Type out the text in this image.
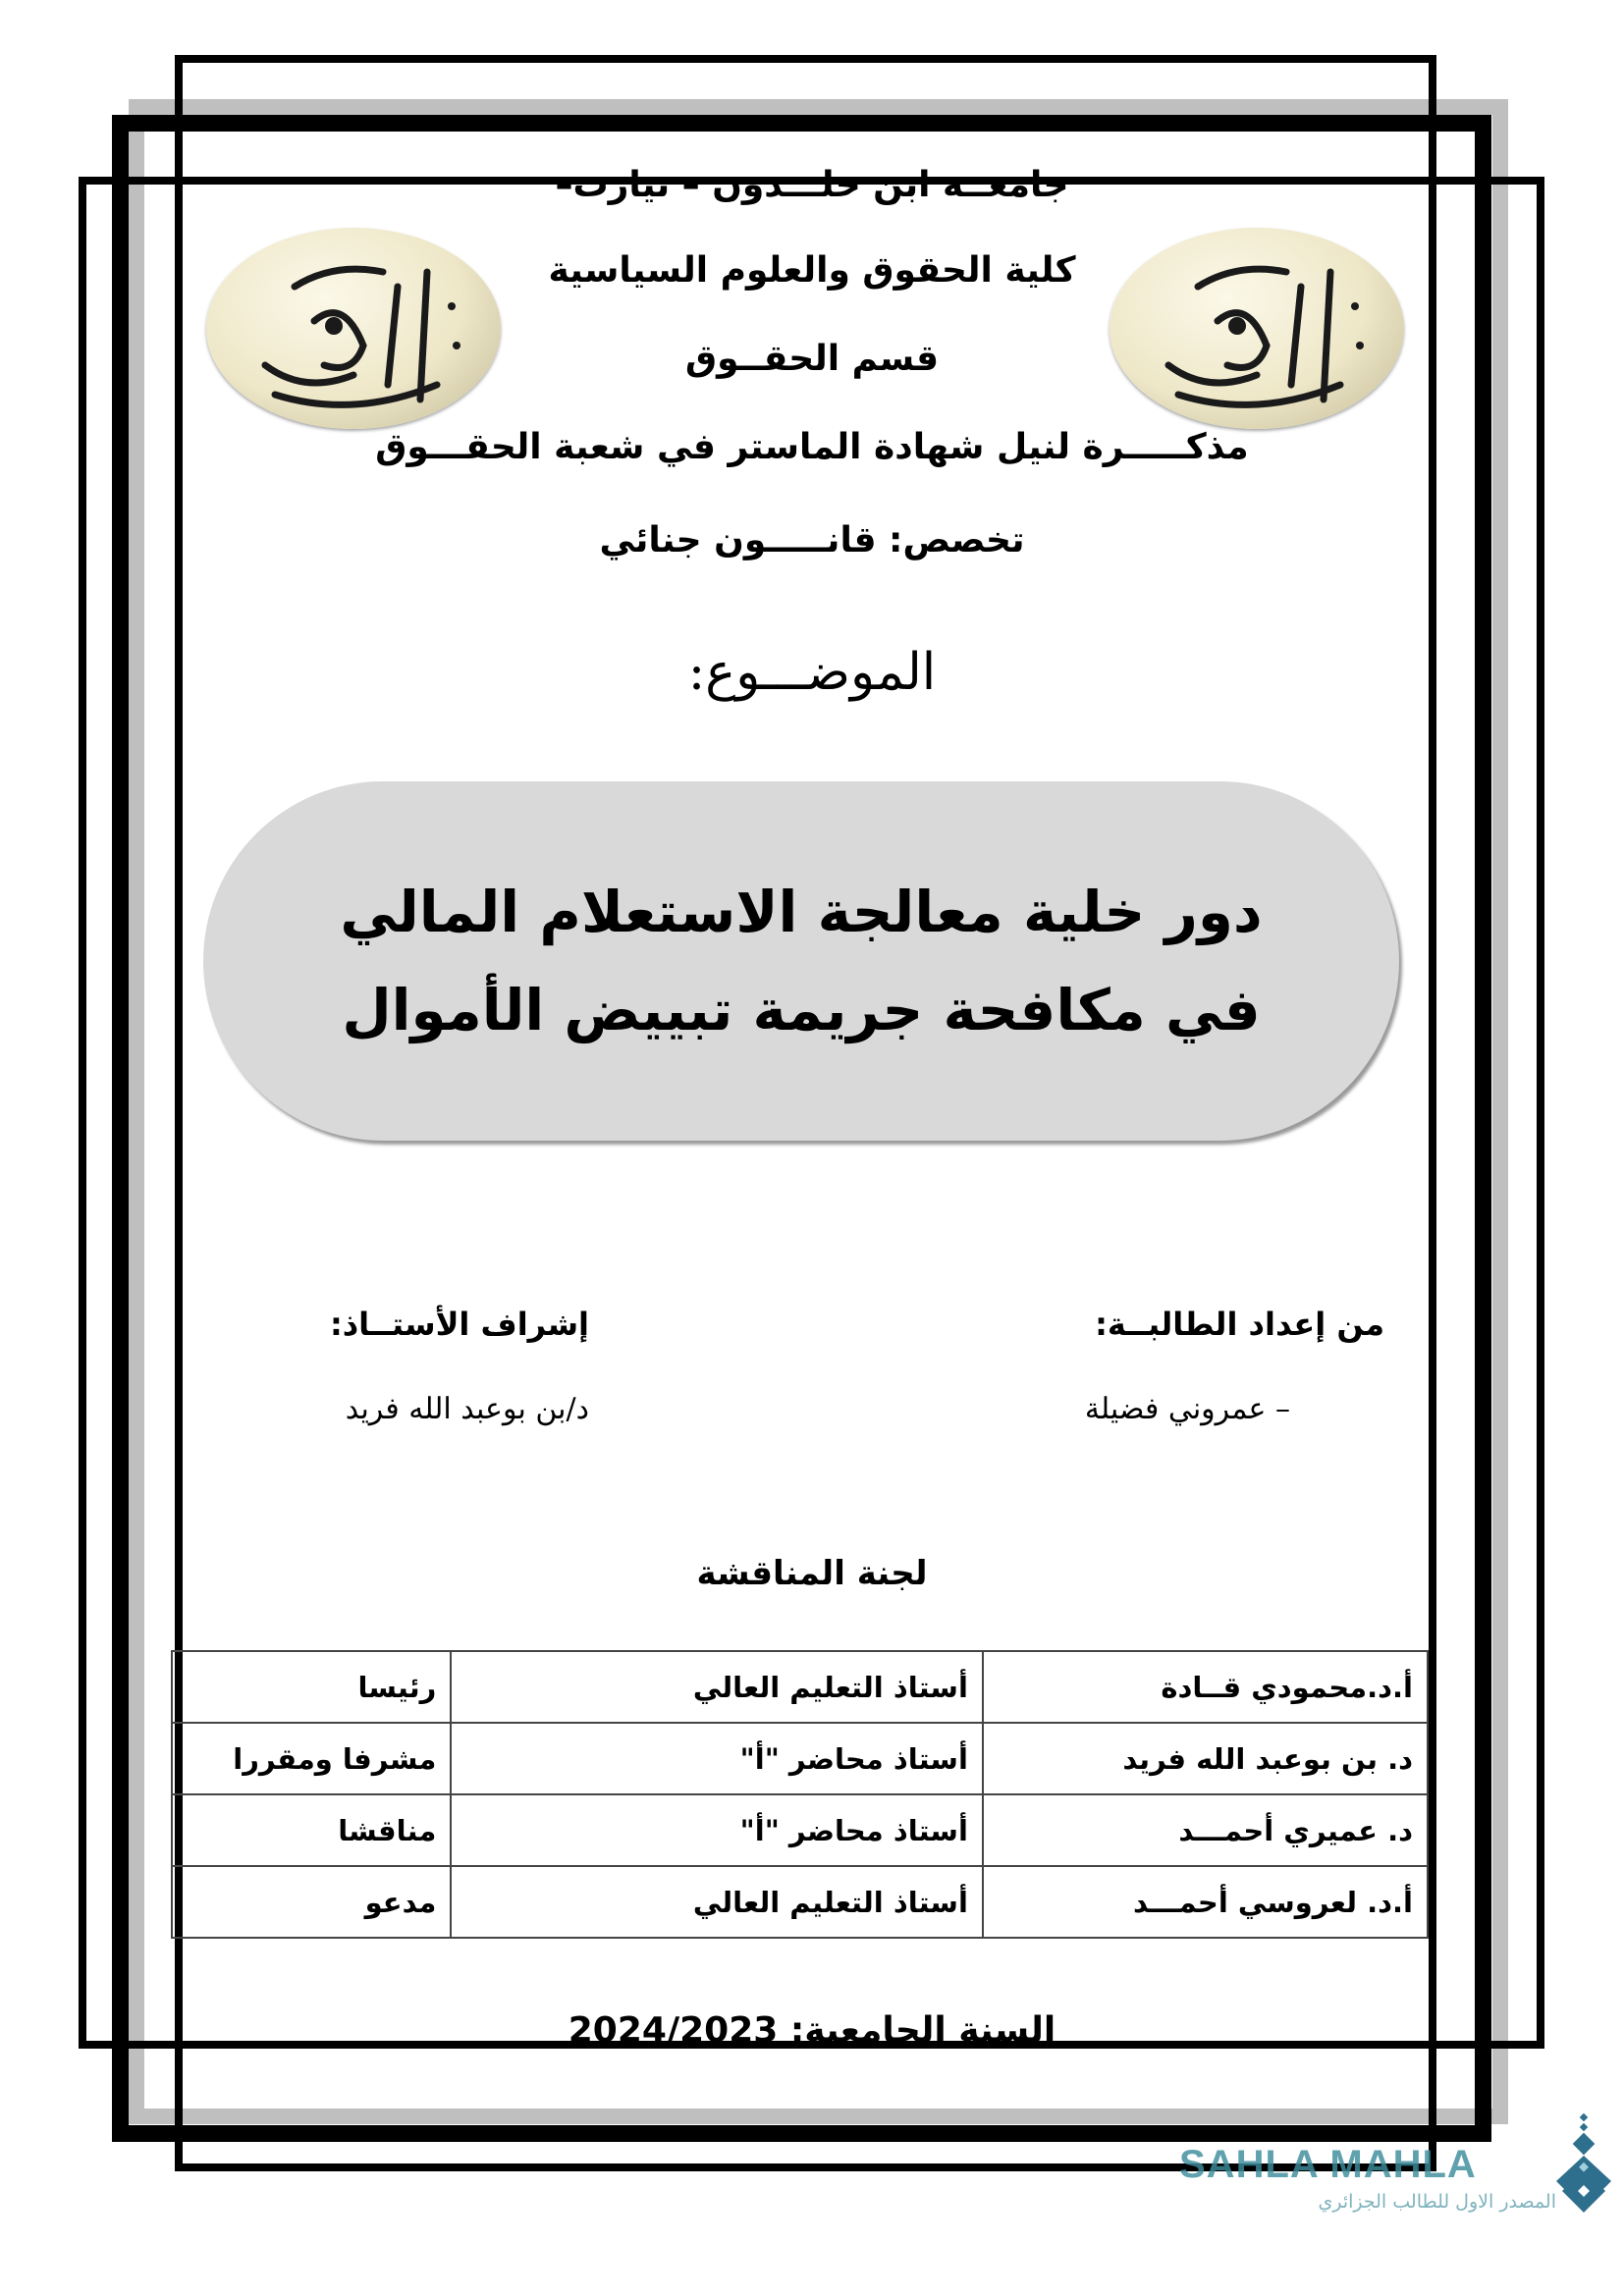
جامعــة ابن خلـــدون – تيارت–
كلية الحقوق والعلوم السياسية
قسم الحقــوق
مذكـــــرة لنيل شهادة الماستر في شعبة الحقـــوق
تخصص: قانـــــون جنائي
الموضـــوع:
دور خلية معالجة الاستعلام المالي
في مكافحة جريمة تبييض الأموال
من إعداد الطالبــة:
– عمروني فضيلة
إشراف الأستــاذ:
د/بن بوعبد الله فريد
لجنة المناقشة
أ.د.محمودي قــادة	أستاذ التعليم العالي	رئيسا
د. بن بوعبد الله فريد	أستاذ محاضر "أ"	مشرفا ومقررا
د. عميري أحمـــد	أستاذ محاضر "أ"	مناقشا
أ.د. لعروسي أحمـــد	أستاذ التعليم العالي	مدعو
السنة الجامعية: 2024/2023
SAHLA MAHLA
المصدر الاول للطالب الجزائري
